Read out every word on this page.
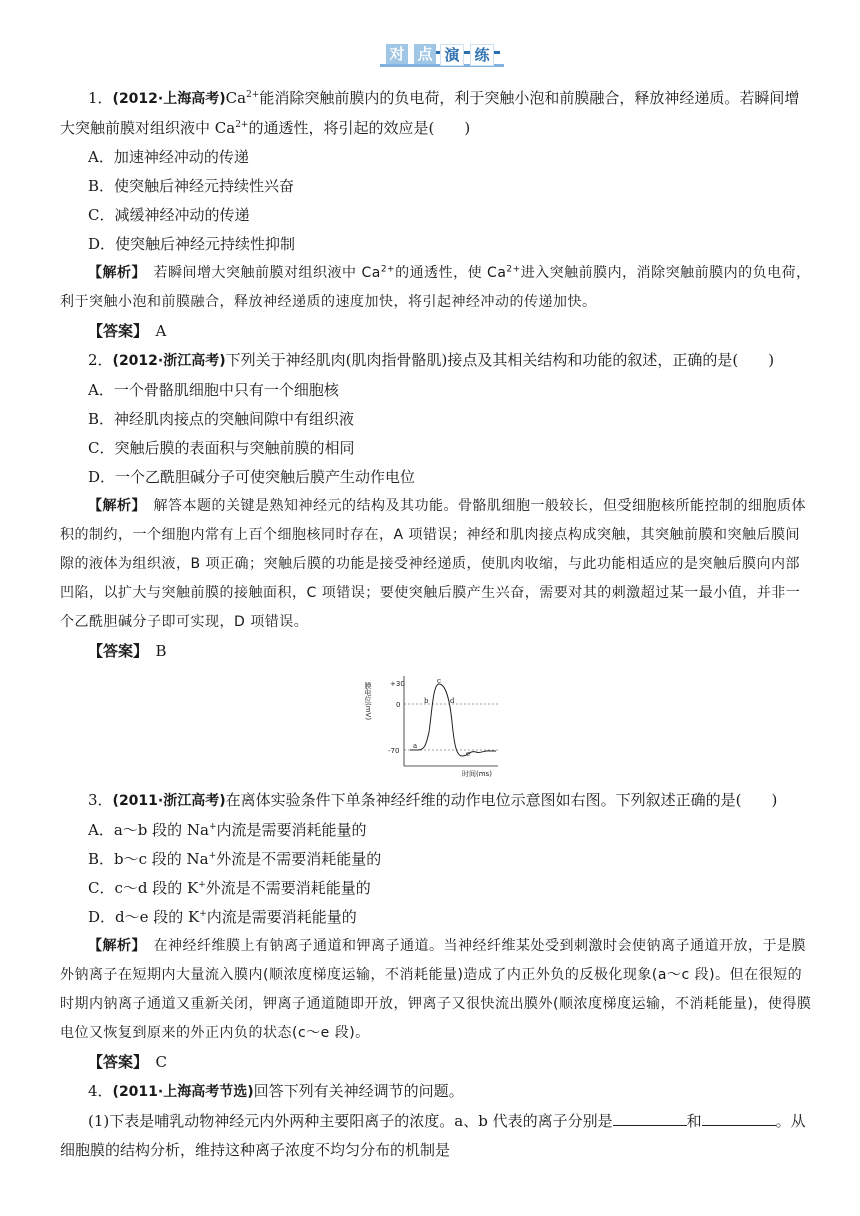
对 点 演 练

1．(2012·上海高考)$Ca^{2+}$能消除突触前膜内的负电荷，利于突触小泡和前膜融合，释放神经递质。若瞬间增大突触前膜对组织液中 $Ca^{2+}$的通透性，将引起的效应是(　　)

A．加速神经冲动的传递

B．使突触后神经元持续性兴奋

C．减缓神经冲动的传递

D．使突触后神经元持续性抑制

【解析】　若瞬间增大突触前膜对组织液中 $Ca^{2+}$的通透性，使 $Ca^{2+}$进入突触前膜内，消除突触前膜内的负电荷，利于突触小泡和前膜融合，释放神经递质的速度加快，将引起神经冲动的传递加快。

【答案】　 A

2．(2012·浙江高考)下列关于神经肌肉(肌肉指骨骼肌)接点及其相关结构和功能的叙述，正确的是(　　)

A．一个骨骼肌细胞中只有一个细胞核

B．神经肌肉接点的突触间隙中有组织液

C．突触后膜的表面积与突触前膜的相同

D．一个乙酰胆碱分子可使突触后膜产生动作电位

【解析】　解答本题的关键是熟知神经元的结构及其功能。骨骼肌细胞一般较长，但受细胞核所能控制的细胞质体积的制约，一个细胞内常有上百个细胞核同时存在，A 项错误；神经和肌肉接点构成突触，其突触前膜和突触后膜间隙的液体为组织液，B 项正确；突触后膜的功能是接受神经递质，使肌肉收缩，与此功能相适应的是突触后膜向内部凹陷，以扩大与突触前膜的接触面积，C 项错误；要使突触后膜产生兴奋，需要对其的刺激超过某一最小值，并非一个乙酰胆碱分子即可实现，D 项错误。

【答案】　 B

3．(2011·浙江高考)在离体实验条件下单条神经纤维的动作电位示意图如右图。下列叙述正确的是(　　)

A．a～b 段的 Na+内流是需要消耗能量的

B．b～c 段的 Na+外流是不需要消耗能量的

C．c～d 段的 K+外流是不需要消耗能量的

D．d～e 段的 K+内流是需要消耗能量的

【解析】　在神经纤维膜上有钠离子通道和钾离子通道。当神经纤维某处受到刺激时会使钠离子通道开放，于是膜外钠离子在短期内大量流入膜内(顺浓度梯度运输，不消耗能量)造成了内正外负的反极化现象(a～c 段)。但在很短的时期内钠离子通道又重新关闭，钾离子通道随即开放，钾离子又很快流出膜外(顺浓度梯度运输，不消耗能量)，使得膜电位又恢复到原来的外正内负的状态(c～e 段)。

【答案】　 C

4．(2011·上海高考节选)回答下列有关神经调节的问题。

(1)下表是哺乳动物神经元内外两种主要阳离子的浓度。a、b 代表的离子分别是	和	。从细胞膜的结构分析，维持这种离子浓度不均匀分布的机制是

膜电位(mV)	+30
0
-70
a
b
c
d
e
时间(ms)
